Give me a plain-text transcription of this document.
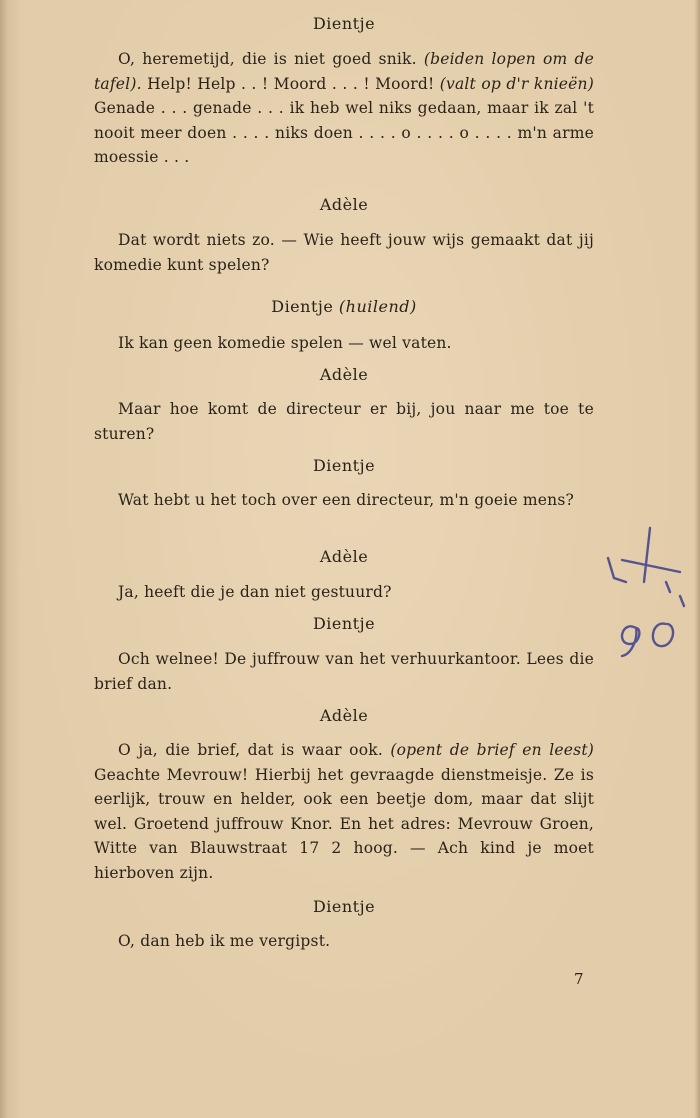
Dientje
O, heremetijd, die is niet goed snik. (beiden lopen om de tafel). Help! Help . . ! Moord . . . ! Moord! (valt op d'r knieën) Genade . . . genade . . . ik heb wel niks gedaan, maar ik zal 't nooit meer doen . . . . niks doen . . . . o . . . . o . . . . m'n arme moessie . . .
Adèle
Dat wordt niets zo. — Wie heeft jouw wijs gemaakt dat jij komedie kunt spelen?
Dientje (huilend)
Ik kan geen komedie spelen — wel vaten.
Adèle
Maar hoe komt de directeur er bij, jou naar me toe te sturen?
Dientje
Wat hebt u het toch over een directeur, m'n goeie mens?
Adèle
Ja, heeft die je dan niet gestuurd?
Dientje
Och welnee! De juffrouw van het verhuurkantoor. Lees die brief dan.
Adèle
O ja, die brief, dat is waar ook. (opent de brief en leest) Geachte Mevrouw! Hierbij het gevraagde dienstmeisje. Ze is eerlijk, trouw en helder, ook een beetje dom, maar dat slijt wel. Groetend juffrouw Knor. En het adres: Mevrouw Groen, Witte van Blauwstraat 17 2 hoog. — Ach kind je moet hierboven zijn.
Dientje
O, dan heb ik me vergipst.
7
+ 90
